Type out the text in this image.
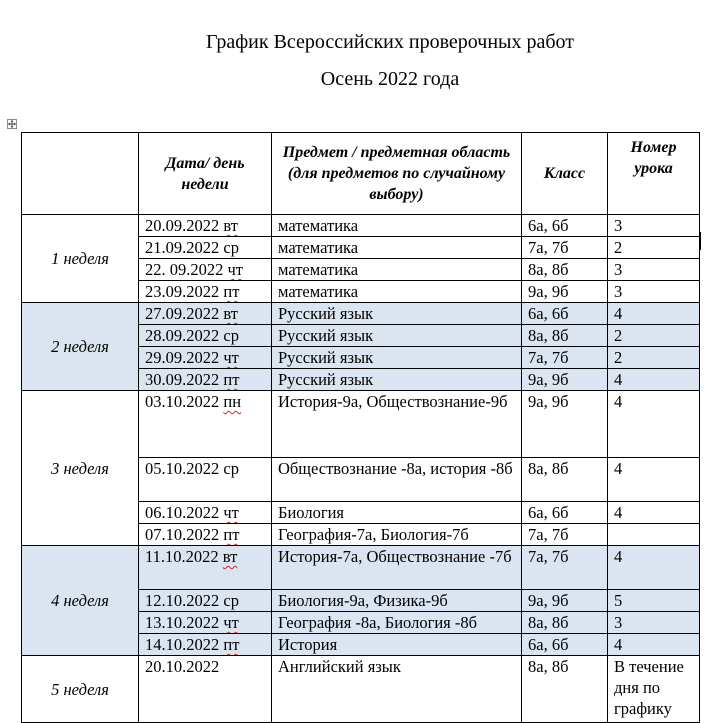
График Всероссийских проверочных работ
Осень 2022 года
	Дата/ день недели	Предмет / предметная область (для предметов по случайному выбору)	Класс	Номер урока
1 неделя	20.09.2022 вт	математика	6а, 6б	3
	21.09.2022 ср	математика	7а, 7б	2
	22. 09.2022 чт	математика	8а, 8б	3
	23.09.2022 пт	математика	9а, 9б	3
2 неделя	27.09.2022 вт	Русский язык	6а, 6б	4
	28.09.2022 ср	Русский язык	8а, 8б	2
	29.09.2022 чт	Русский язык	7а, 7б	2
	30.09.2022 пт	Русский язык	9а, 9б	4
3 неделя	03.10.2022 пн	История-9а, Обществознание-9б	9а, 9б	4
	05.10.2022 ср	Обществознание -8а, история -8б	8а, 8б	4
	06.10.2022 чт	Биология	6а, 6б	4
	07.10.2022 пт	География-7а, Биология-7б	7а, 7б	
4 неделя	11.10.2022 вт	История-7а, Обществознание -7б	7а, 7б	4
	12.10.2022 ср	Биология-9а, Физика-9б	9а, 9б	5
	13.10.2022 чт	География -8а, Биология -8б	8а, 8б	3
	14.10.2022 пт	История	6а, 6б	4
5 неделя	20.10.2022	Английский язык	8а, 8б	В течение дня по графику
